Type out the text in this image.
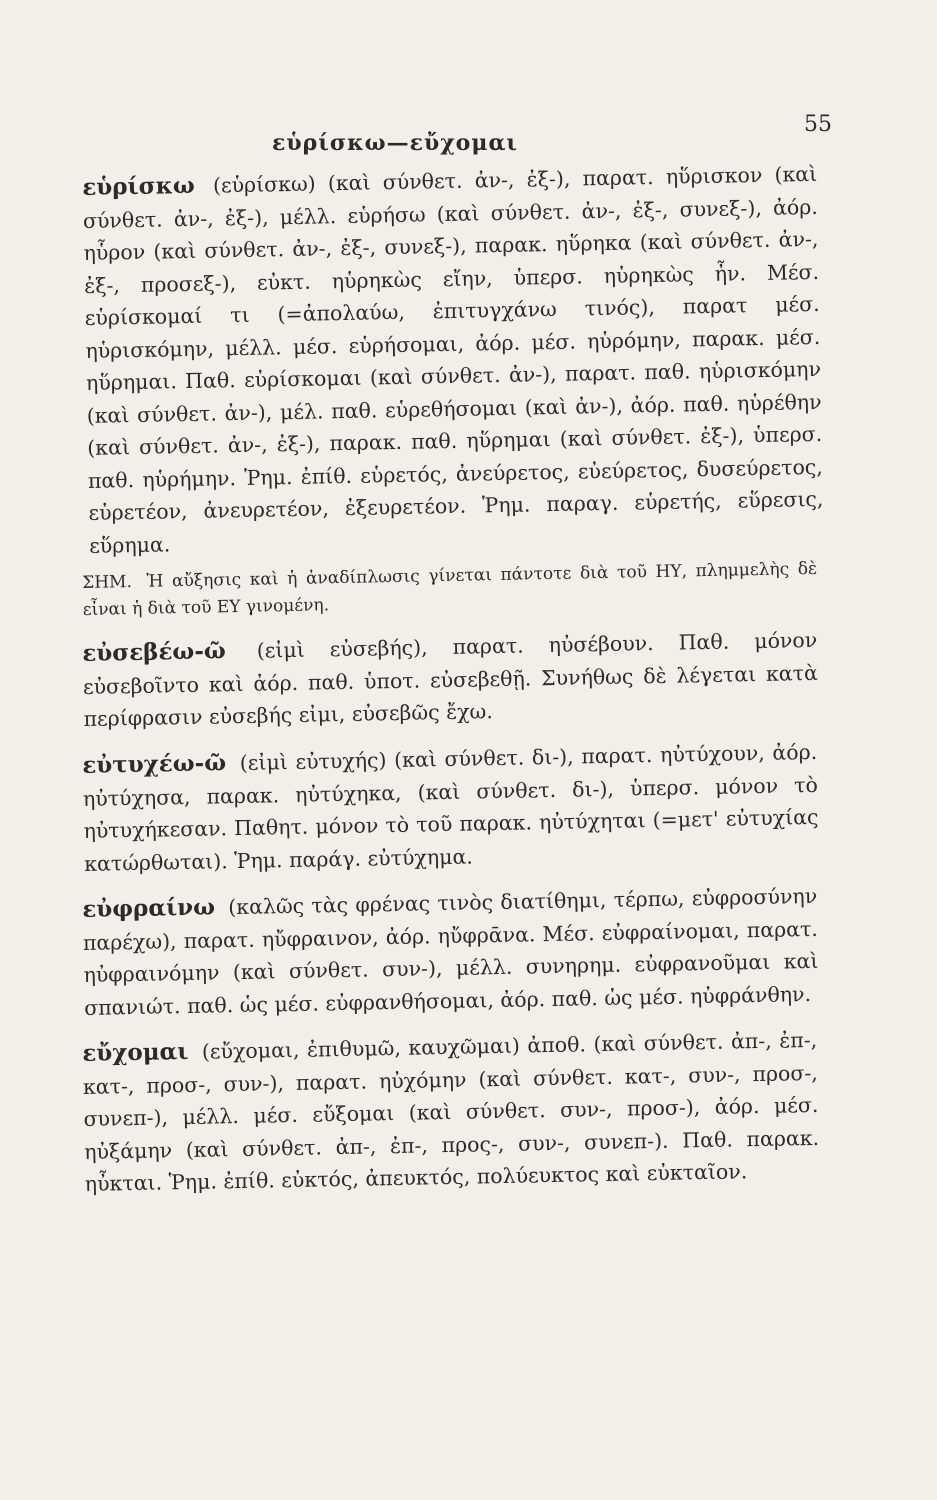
εὑρίσκω—εὔχομαι
55

εὑρίσκω (εὑρίσκω) (καὶ σύνθετ. ἀν-, ἐξ-), παρατ. ηὕρισκον (καὶ σύνθετ. ἀν-, ἐξ-), μέλλ. εὑρήσω (καὶ σύνθετ. ἀν-, ἐξ-, συνεξ-), ἀόρ. ηὗρον (καὶ σύνθετ. ἀν-, ἐξ-, συνεξ-), παρακ. ηὕρηκα (καὶ σύνθετ. ἀν-, ἐξ-, προσεξ-), εὐκτ. ηὑρηκὼς εἴην, ὑπερσ. ηὑρηκὼς ἦν. Μέσ. εὑρίσκομαί τι (=ἀπολαύω, ἐπιτυγχάνω τινός), παρατ μέσ. ηὑρισκόμην, μέλλ. μέσ. εὑρήσομαι, ἀόρ. μέσ. ηὑρόμην, παρακ. μέσ. ηὕρημαι. Παθ. εὑρίσκομαι (καὶ σύνθετ. ἀν-), παρατ. παθ. ηὑρισκόμην (καὶ σύνθετ. ἀν-), μέλ. παθ. εὑρεθήσομαι (καὶ ἀν-), ἀόρ. παθ. ηὑρέθην (καὶ σύνθετ. ἀν-, ἐξ-), παρακ. παθ. ηὕρημαι (καὶ σύνθετ. ἐξ-), ὑπερσ. παθ. ηὑρήμην. Ῥημ. ἐπίθ. εὑρετός, ἀνεύρετος, εὐεύρετος, δυσεύρετος, εὑρετέον, ἀνευρετέον, ἐξευρετέον. Ῥημ. παραγ. εὑρετής, εὕρεσις, εὕρημα.

ΣΗΜ. Ἡ αὔξησις καὶ ἡ ἀναδίπλωσις γίνεται πάντοτε διὰ τοῦ ΗΥ, πλημμελὴς δὲ εἶναι ἡ διὰ τοῦ ΕΥ γινομένη.

εὐσεβέω-ῶ (εἰμὶ εὐσεβής), παρατ. ηὐσέβουν. Παθ. μόνον εὐσεβοῖντο καὶ ἀόρ. παθ. ὑποτ. εὐσεβεθῇ. Συνήθως δὲ λέγεται κατὰ περίφρασιν εὐσεβής εἰμι, εὐσεβῶς ἔχω.

εὐτυχέω-ῶ (εἰμὶ εὐτυχής) (καὶ σύνθετ. δι-), παρατ. ηὐτύχουν, ἀόρ. ηὐτύχησα, παρακ. ηὐτύχηκα, (καὶ σύνθετ. δι-), ὑπερσ. μόνον τὸ ηὐτυχήκεσαν. Παθητ. μόνον τὸ τοῦ παρακ. ηὐτύχηται (=μετ' εὐτυχίας κατώρθωται). Ῥημ. παράγ. εὐτύχημα.

εὐφραίνω (καλῶς τὰς φρένας τινὸς διατίθημι, τέρπω, εὐφροσύνην παρέχω), παρατ. ηὔφραινον, ἀόρ. ηὔφρᾱνα. Μέσ. εὐφραίνομαι, παρατ. ηὐφραινόμην (καὶ σύνθετ. συν-), μέλλ. συνηρημ. εὐφρανοῦμαι καὶ σπανιώτ. παθ. ὡς μέσ. εὐφρανθήσομαι, ἀόρ. παθ. ὡς μέσ. ηὐφράνθην.

εὔχομαι (εὔχομαι, ἐπιθυμῶ, καυχῶμαι) ἀποθ. (καὶ σύνθετ. ἀπ-, ἐπ-, κατ-, προσ-, συν-), παρατ. ηὐχόμην (καὶ σύνθετ. κατ-, συν-, προσ-, συνεπ-), μέλλ. μέσ. εὔξομαι (καὶ σύνθετ. συν-, προσ-), ἀόρ. μέσ. ηὐξάμην (καὶ σύνθετ. ἀπ-, ἐπ-, προς-, συν-, συνεπ-). Παθ. παρακ. ηὖκται. Ῥημ. ἐπίθ. εὐκτός, ἀπευκτός, πολύευκτος καὶ εὐκταῖον.
